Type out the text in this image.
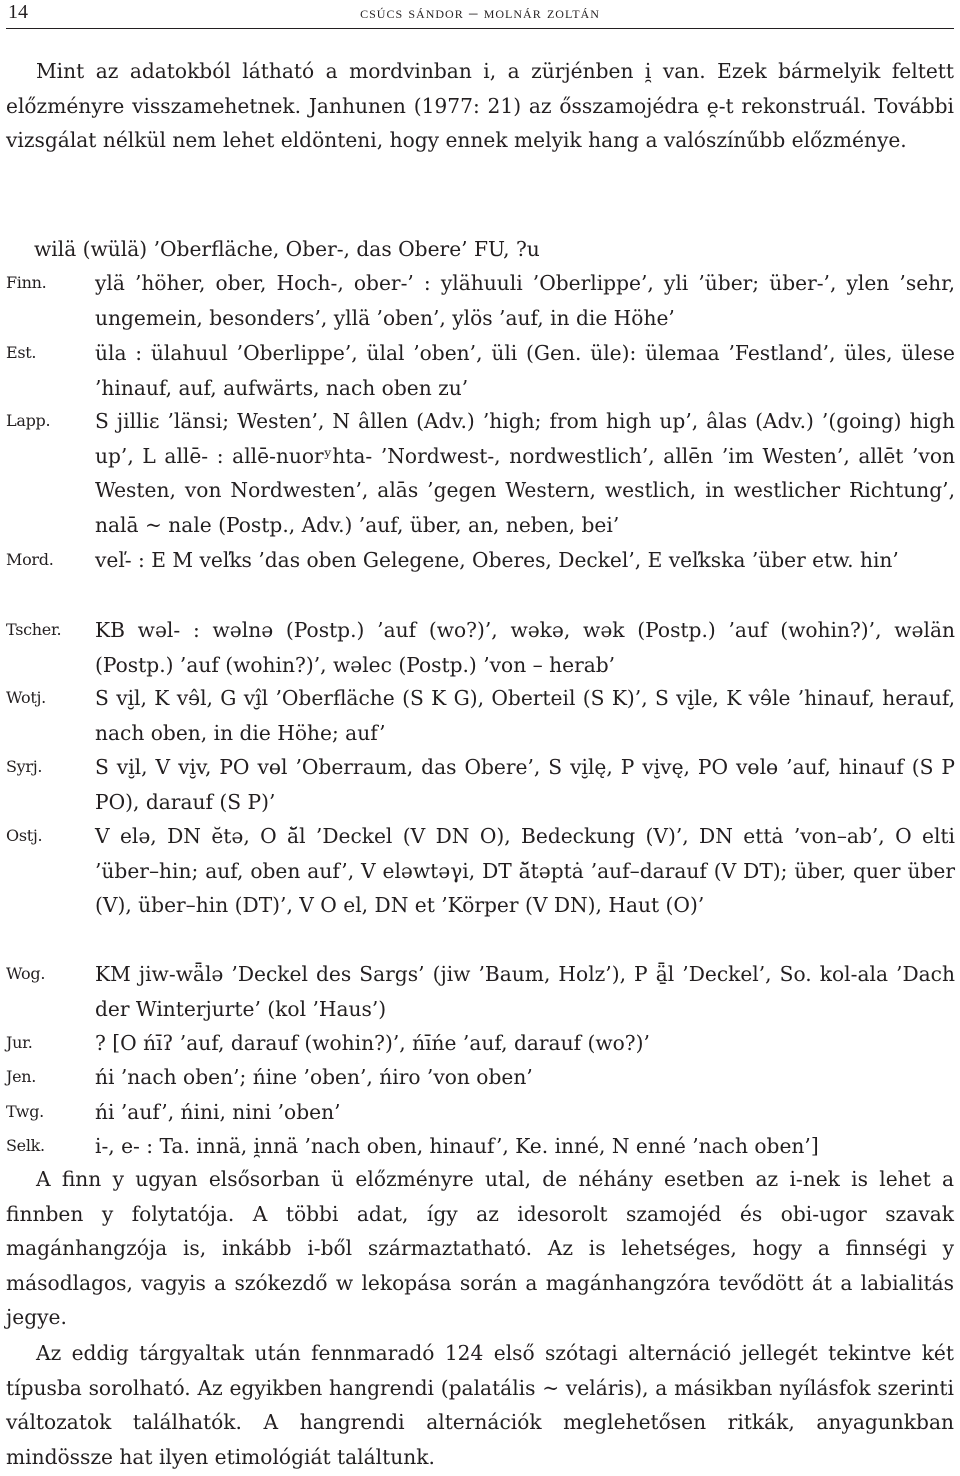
14	csúcs sándor – molnár zoltán
Mint az adatokból látható a mordvinban i, a zürjénben i̯ van. Ezek bármelyik feltett előzményre visszamehetnek. Janhunen (1977: 21) az ősszamojédra e̯-t rekonstruál. További vizsgálat nélkül nem lehet eldönteni, hogy ennek melyik hang a valószínűbb előzménye.
wilä (wülä) ’Oberfläche, Ober-, das Obere’ FU, ?u
Finn. ylä ’höher, ober, Hoch-, ober-’ : ylähuuli ’Oberlippe’, yli ’über; über-’, ylen ’sehr, ungemein, besonders’, yllä ’oben’, ylös ’auf, in die Höhe’
Est.	üla : ülahuul ’Oberlippe’, ülal ’oben’, üli (Gen. üle): ülemaa ’Festland’, üles, ülese ’hinauf, auf, aufwärts, nach oben zu’
Lapp. S jilliɛ ’länsi; Westen’, N âllen (Adv.) ’high; from high up’, âlas (Adv.) ’(going) high up’, L allē- : allē-nuorʸhta- ’Nordwest-, nordwestlich’, allēn ’im Westen’, allēt ’von Westen, von Nordwesten’, alās ’gegen Western, westlich, in westlicher Richtung’, nalā ~ nale (Postp., Adv.) ’auf, über, an, neben, bei’
Mord. veľ- : E M veľks ’das oben Gelegene, Oberes, Deckel’, E veľkska ’über etw. hin’
Tscher. KB wəl- : wəlnə (Postp.) ’auf (wo?)’, wəkə, wək (Postp.) ’auf (wohin?)’, wəlän (Postp.) ’auf (wohin?)’, wəlec (Postp.) ’von – herab’
Wotj. S vi̮l, K vɘ̂l, G vî̮l ’Oberfläche (S K G), Oberteil (S K)’, S vi̮le, K vɘ̂le ’hinauf, herauf, nach oben, in die Höhe; auf’
Syrj.	S vi̮l, V vi̮v, PO vɵl ’Oberraum, das Obere’, S vi̮lę, P vi̮vę, PO vɵlɵ ’auf, hinauf (S P PO), darauf (S P)’
Ostj.	V elə, DN ĕtə, O ă̆l ’Deckel (V DN O), Bedeckung (V)’, DN ettȧ ’von–ab’, O elti ’über–hin; auf, oben auf’, V eləwtəγi, DT ă̆təptȧ ’auf–darauf (V DT); über, quer über (V), über–hin (DT)’, V O el, DN et ’Körper (V DN), Haut (O)’
Wog. KM jiw-wǟlə ’Deckel des Sargs’ (jiw ’Baum, Holz’), P ǟ̱l ’Deckel’, So. kol-ala ’Dach der Winterjurte’ (kol ’Haus’)
Jur.	? [O ńīʔ ’auf, darauf (wohin?)’, ńīńe ’auf, darauf (wo?)’
Jen.	ńi ’nach oben’; ńine ’oben’, ńiro ’von oben’
Twg.	ńi ’auf’, ńini, nini ’oben’
Selk. i-, e- : Ta. innä, i̯nnä ’nach oben, hinauf’, Ke. inné, N enné ’nach oben’]
A finn y ugyan elsősorban ü előzményre utal, de néhány esetben az i-nek is lehet a finnben y folytatója. A többi adat, így az idesorolt szamojéd és obi-ugor szavak magánhangzója is, inkább i-ből származtatható. Az is lehetséges, hogy a finnségi y másodlagos, vagyis a szókezdő w lekopása során a magánhangzóra tevődött át a labialitás jegye.
Az eddig tárgyaltak után fennmaradó 124 első szótagi alternáció jellegét tekintve két típusba sorolható. Az egyikben hangrendi (palatális ~ veláris), a másikban nyílásfok szerinti változatok találhatók. A hangrendi alternációk meglehetősen ritkák, anyagunkban mindössze hat ilyen etimológiát találtunk.
